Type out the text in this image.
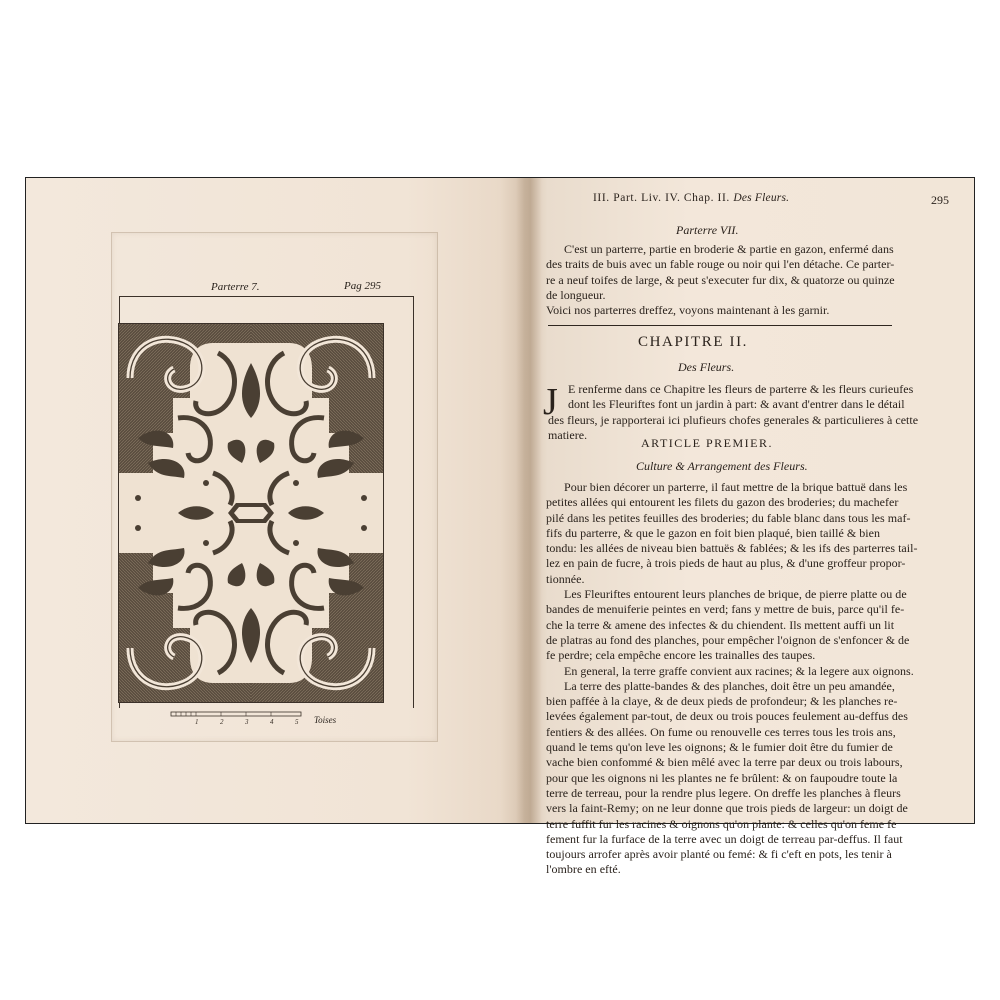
Parterre 7.	Pag 295
1	2	3	4	5 Toises
III. Part. Liv. IV. Chap. II. Des Fleurs.	295
Parterre VII.
C'est un parterre, partie en broderie & partie en gazon, enfermé dans
des traits de buis avec un fable rouge ou noir qui l'en détache. Ce parter-
re a neuf toifes de large, & peut s'executer fur dix, & quatorze ou quinze
de longueur.
Voici nos parterres dreffez, voyons maintenant à les garnir.
CHAPITRE II.
Des Fleurs.
J E renferme dans ce Chapitre les fleurs de parterre & les fleurs curieufes
dont les Fleuriftes font un jardin à part: & avant d'entrer dans le détail
des fleurs, je rapporterai ici plufieurs chofes generales & particulieres à cette
matiere.
ARTICLE PREMIER.
Culture & Arrangement des Fleurs.
Pour bien décorer un parterre, il faut mettre de la brique battuë dans les
petites allées qui entourent les filets du gazon des broderies; du machefer
pilé dans les petites feuilles des broderies; du fable blanc dans tous les maf-
fifs du parterre, & que le gazon en foit bien plaqué, bien taillé & bien
tondu: les allées de niveau bien battuës & fablées; & les ifs des parterres tail-
lez en pain de fucre, à trois pieds de haut au plus, & d'une groffeur propor-
tionnée.
Les Fleuriftes entourent leurs planches de brique, de pierre platte ou de
bandes de menuiferie peintes en verd; fans y mettre de buis, parce qu'il fe-
che la terre & amene des infectes & du chiendent. Ils mettent auffi un lit
de platras au fond des planches, pour empêcher l'oignon de s'enfoncer & de
fe perdre; cela empêche encore les trainalles des taupes.
En general, la terre graffe convient aux racines; & la legere aux oignons.
La terre des platte-bandes & des planches, doit être un peu amandée,
bien paffée à la claye, & de deux pieds de profondeur; & les planches re-
levées également par-tout, de deux ou trois pouces feulement au-deffus des
fentiers & des allées. On fume ou renouvelle ces terres tous les trois ans,
quand le tems qu'on leve les oignons; & le fumier doit être du fumier de
vache bien confommé & bien mêlé avec la terre par deux ou trois labours,
pour que les oignons ni les plantes ne fe brûlent: & on faupoudre toute la
terre de terreau, pour la rendre plus legere. On dreffe les planches à fleurs
vers la faint-Remy; on ne leur donne que trois pieds de largeur: un doigt de
terre fuffit fur les racines & oignons qu'on plante: & celles qu'on feme fe
fement fur la furface de la terre avec un doigt de terreau par-deffus. Il faut
toujours arrofer après avoir planté ou femé: & fi c'eft en pots, les tenir à
l'ombre en efté.
